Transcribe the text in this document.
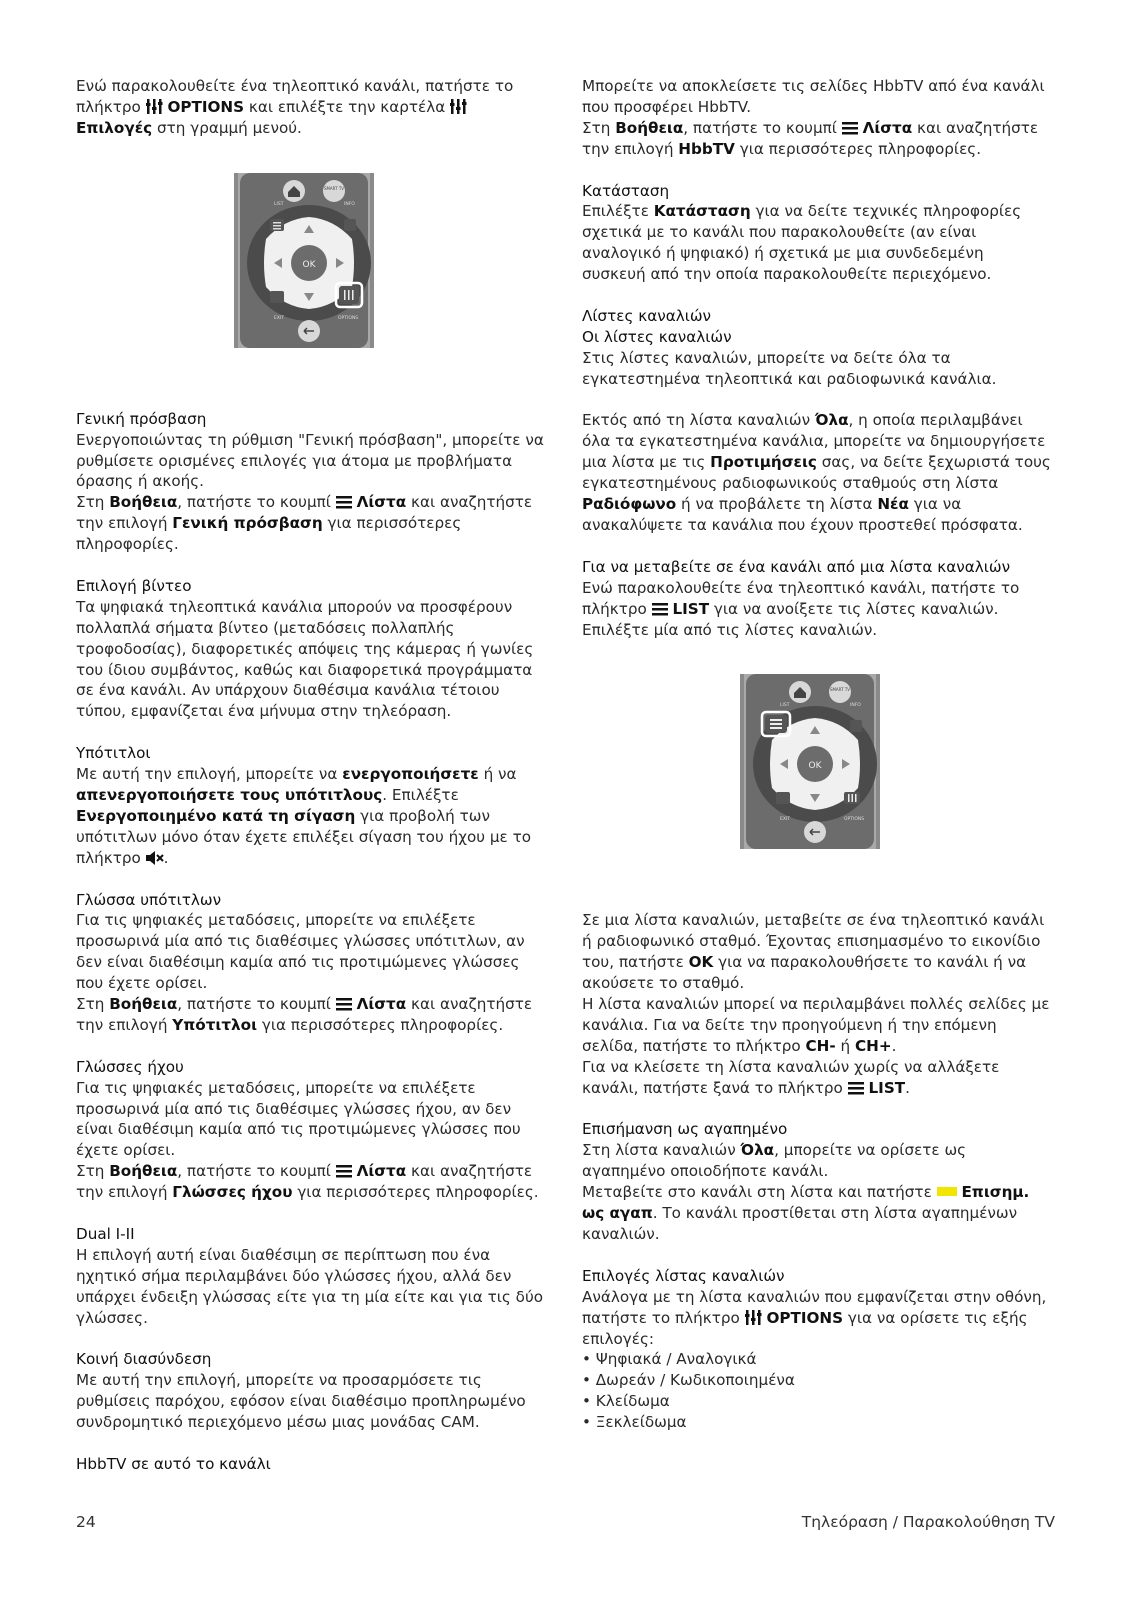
Ενώ παρακολουθείτε ένα τηλεοπτικό κανάλι, πατήστε το πλήκτρο OPTIONS και επιλέξτε την καρτέλα  Επιλογές στη γραμμή μενού.

SMART TV
LIST	INFO
OK
EXIT	OPTIONS

Γενική πρόσβαση

Ενεργοποιώντας τη ρύθμιση "Γενική πρόσβαση", μπορείτε να ρυθμίσετε ορισμένες επιλογές για άτομα με προβλήματα όρασης ή ακοής.

Στη Βοήθεια, πατήστε το κουμπί Λίστα και αναζητήστε την επιλογή Γενική πρόσβαση για περισσότερες πληροφορίες.

Επιλογή βίντεο

Τα ψηφιακά τηλεοπτικά κανάλια μπορούν να προσφέρουν πολλαπλά σήματα βίντεο (μεταδόσεις πολλαπλής τροφοδοσίας), διαφορετικές απόψεις της κάμερας ή γωνίες του ίδιου συμβάντος, καθώς και διαφορετικά προγράμματα σε ένα κανάλι. Αν υπάρχουν διαθέσιμα κανάλια τέτοιου τύπου, εμφανίζεται ένα μήνυμα στην τηλεόραση.

Υπότιτλοι

Με αυτή την επιλογή, μπορείτε να ενεργοποιήσετε ή να απενεργοποιήσετε τους υπότιτλους. Επιλέξτε Ενεργοποιημένο κατά τη σίγαση για προβολή των υπότιτλων μόνο όταν έχετε επιλέξει σίγαση του ήχου με το πλήκτρο .

Γλώσσα υπότιτλων

Για τις ψηφιακές μεταδόσεις, μπορείτε να επιλέξετε προσωρινά μία από τις διαθέσιμες γλώσσες υπότιτλων, αν δεν είναι διαθέσιμη καμία από τις προτιμώμενες γλώσσες που έχετε ορίσει.

Στη Βοήθεια, πατήστε το κουμπί Λίστα και αναζητήστε την επιλογή Υπότιτλοι για περισσότερες πληροφορίες.

Γλώσσες ήχου

Για τις ψηφιακές μεταδόσεις, μπορείτε να επιλέξετε προσωρινά μία από τις διαθέσιμες γλώσσες ήχου, αν δεν είναι διαθέσιμη καμία από τις προτιμώμενες γλώσσες που έχετε ορίσει.

Στη Βοήθεια, πατήστε το κουμπί Λίστα και αναζητήστε την επιλογή Γλώσσες ήχου για περισσότερες πληροφορίες.

Dual I-II

Η επιλογή αυτή είναι διαθέσιμη σε περίπτωση που ένα ηχητικό σήμα περιλαμβάνει δύο γλώσσες ήχου, αλλά δεν υπάρχει ένδειξη γλώσσας είτε για τη μία είτε και για τις δύο γλώσσες.

Κοινή διασύνδεση

Με αυτή την επιλογή, μπορείτε να προσαρμόσετε τις ρυθμίσεις παρόχου, εφόσον είναι διαθέσιμο προπληρωμένο συνδρομητικό περιεχόμενο μέσω μιας μονάδας CAM.

HbbTV σε αυτό το κανάλι

Μπορείτε να αποκλείσετε τις σελίδες HbbTV από ένα κανάλι που προσφέρει HbbTV.

Στη Βοήθεια, πατήστε το κουμπί Λίστα και αναζητήστε την επιλογή HbbTV για περισσότερες πληροφορίες.

Κατάσταση

Επιλέξτε Κατάσταση για να δείτε τεχνικές πληροφορίες σχετικά με το κανάλι που παρακολουθείτε (αν είναι αναλογικό ή ψηφιακό) ή σχετικά με μια συνδεδεμένη συσκευή από την οποία παρακολουθείτε περιεχόμενο.

Λίστες καναλιών

Οι λίστες καναλιών

Στις λίστες καναλιών, μπορείτε να δείτε όλα τα εγκατεστημένα τηλεοπτικά και ραδιοφωνικά κανάλια.

Εκτός από τη λίστα καναλιών Όλα, η οποία περιλαμβάνει όλα τα εγκατεστημένα κανάλια, μπορείτε να δημιουργήσετε μια λίστα με τις Προτιμήσεις σας, να δείτε ξεχωριστά τους εγκατεστημένους ραδιοφωνικούς σταθμούς στη λίστα Ραδιόφωνο ή να προβάλετε τη λίστα Νέα για να ανακαλύψετε τα κανάλια που έχουν προστεθεί πρόσφατα.

Για να μεταβείτε σε ένα κανάλι από μια λίστα καναλιών

Ενώ παρακολουθείτε ένα τηλεοπτικό κανάλι, πατήστε το πλήκτρο LIST για να ανοίξετε τις λίστες καναλιών. Επιλέξτε μία από τις λίστες καναλιών.

SMART TV
LIST	INFO
OK
EXIT	OPTIONS

Σε μια λίστα καναλιών, μεταβείτε σε ένα τηλεοπτικό κανάλι ή ραδιοφωνικό σταθμό. Έχοντας επισημασμένο το εικονίδιο του, πατήστε OK για να παρακολουθήσετε το κανάλι ή να ακούσετε το σταθμό.

Η λίστα καναλιών μπορεί να περιλαμβάνει πολλές σελίδες με κανάλια. Για να δείτε την προηγούμενη ή την επόμενη σελίδα, πατήστε το πλήκτρο CH- ή CH+.

Για να κλείσετε τη λίστα καναλιών χωρίς να αλλάξετε κανάλι, πατήστε ξανά το πλήκτρο LIST.

Επισήμανση ως αγαπημένο

Στη λίστα καναλιών Όλα, μπορείτε να ορίσετε ως αγαπημένο οποιοδήποτε κανάλι.

Μεταβείτε στο κανάλι στη λίστα και πατήστε Επισημ. ως αγαπ. Το κανάλι προστίθεται στη λίστα αγαπημένων καναλιών.

Επιλογές λίστας καναλιών

Ανάλογα με τη λίστα καναλιών που εμφανίζεται στην οθόνη, πατήστε το πλήκτρο OPTIONS για να ορίσετε τις εξής επιλογές:

• Ψηφιακά / Αναλογικά

• Δωρεάν / Κωδικοποιημένα

• Κλείδωμα

• Ξεκλείδωμα

24	Τηλεόραση / Παρακολούθηση TV
